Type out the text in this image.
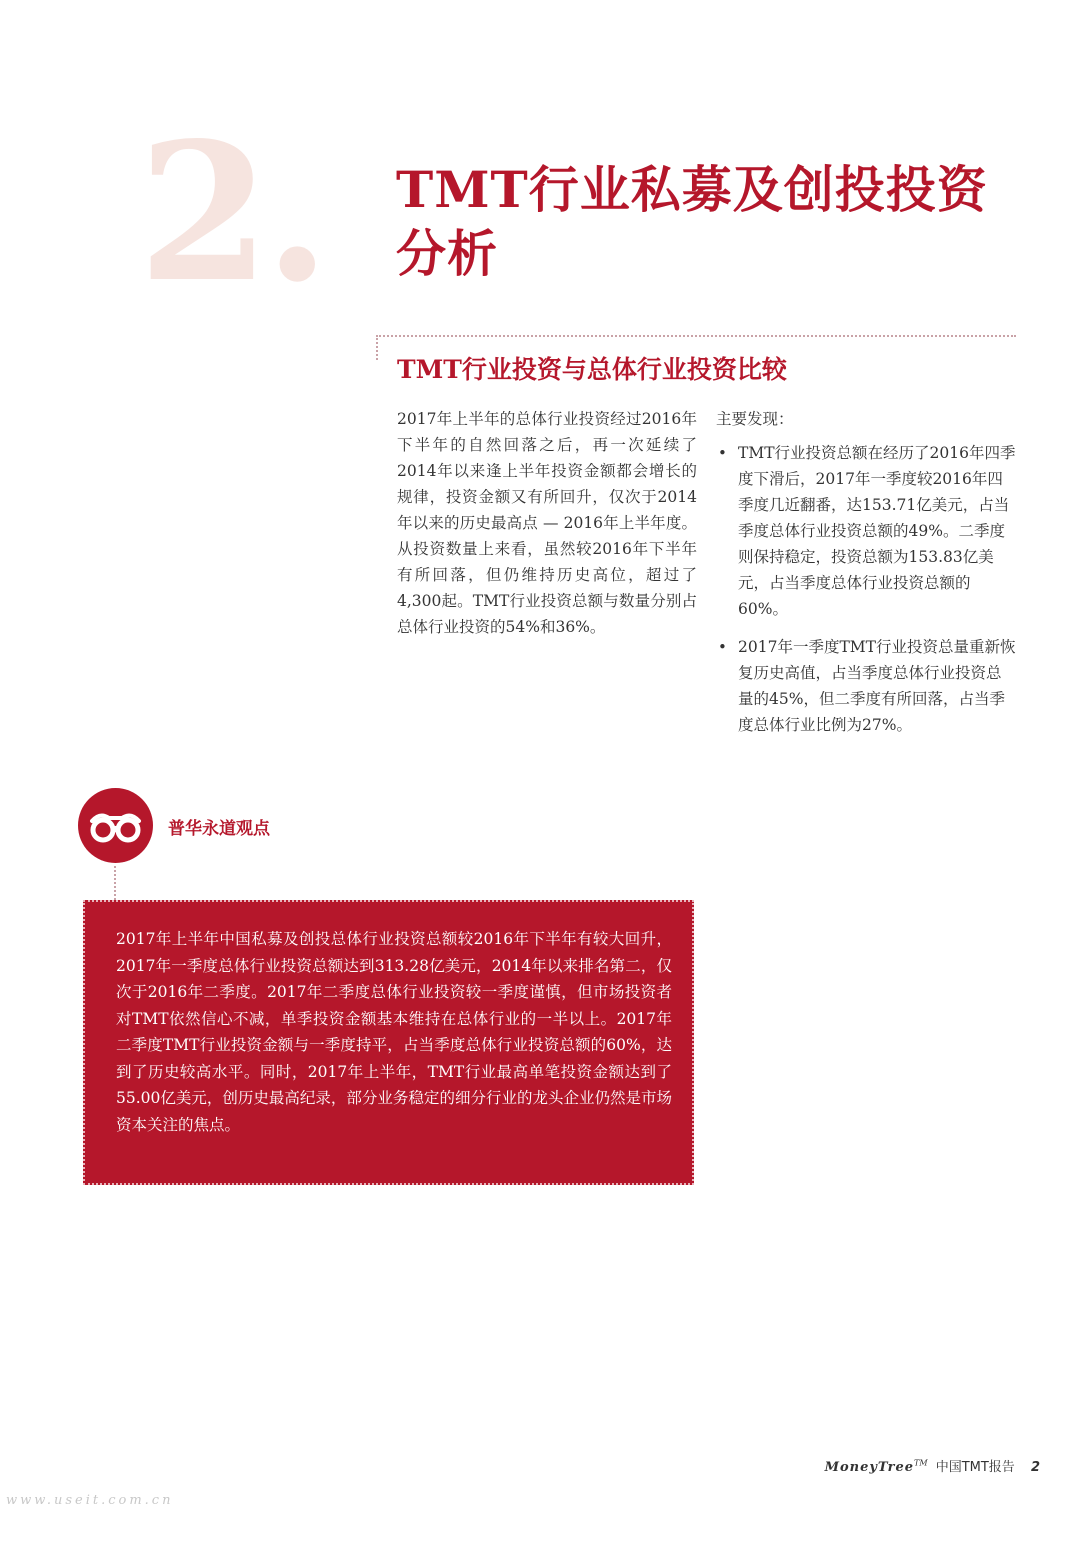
2. TMT行业私募及创投投资分析
TMT行业投资与总体行业投资比较
2017年上半年的总体行业投资经过2016年下半年的自然回落之后，再一次延续了2014年以来逢上半年投资金额都会增长的规律，投资金额又有所回升，仅次于2014年以来的历史最高点 — 2016年上半年度。从投资数量上来看，虽然较2016年下半年有所回落，但仍维持历史高位，超过了4,300起。TMT行业投资总额与数量分别占总体行业投资的54%和36%。
主要发现：
• TMT行业投资总额在经历了2016年四季度下滑后，2017年一季度较2016年四季度几近翻番，达153.71亿美元，占当季度总体行业投资总额的49%。二季度则保持稳定，投资总额为153.83亿美元，占当季度总体行业投资总额的60%。
• 2017年一季度TMT行业投资总量重新恢复历史高值，占当季度总体行业投资总量的45%，但二季度有所回落，占当季度总体行业比例为27%。
普华永道观点
2017年上半年中国私募及创投总体行业投资总额较2016年下半年有较大回升，2017年一季度总体行业投资总额达到313.28亿美元，2014年以来排名第二，仅次于2016年二季度。2017年二季度总体行业投资较一季度谨慎，但市场投资者对TMT依然信心不减，单季投资金额基本维持在总体行业的一半以上。2017年二季度TMT行业投资金额与一季度持平，占当季度总体行业投资总额的60%，达到了历史较高水平。同时，2017年上半年，TMT行业最高单笔投资金额达到了55.00亿美元，创历史最高纪录，部分业务稳定的细分行业的龙头企业仍然是市场资本关注的焦点。
MoneyTree™ 中国TMT报告 2
www.useit.com.cn
